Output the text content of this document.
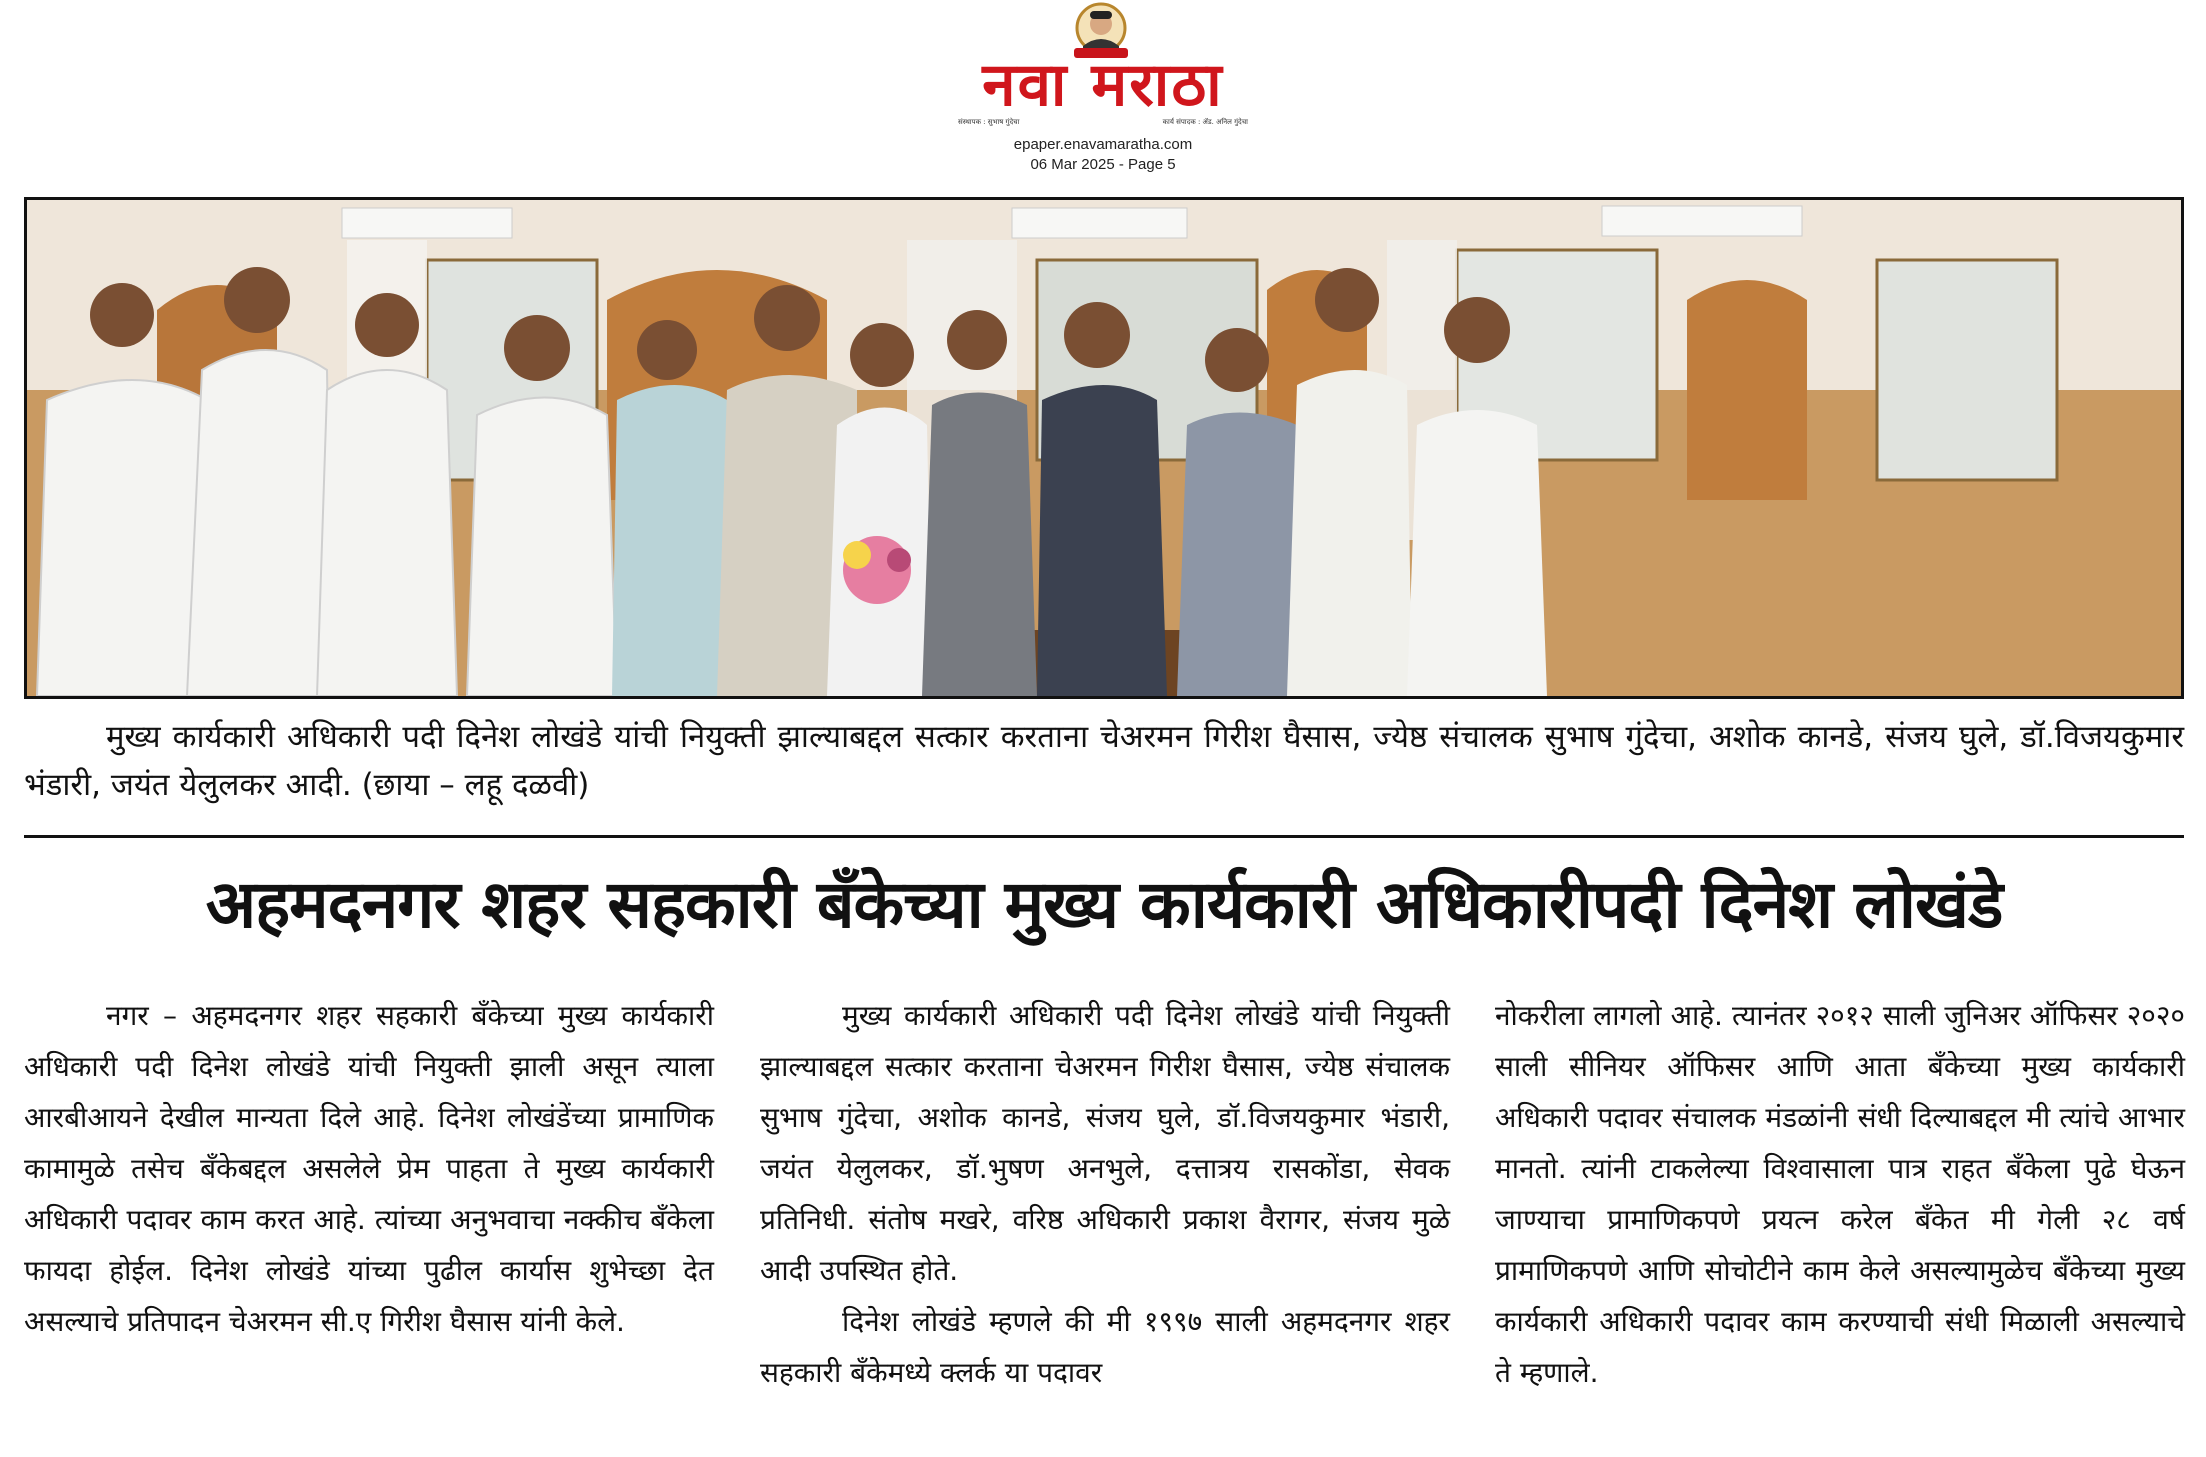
नवा मराठा
संस्थापक : सुभाष गुंदेचा	कार्य संपादक : ॲड. अनिल गुंदेचा
epaper.enavamaratha.com
06 Mar 2025 - Page 5
मुख्य कार्यकारी अधिकारी पदी दिनेश लोखंडे यांची नियुक्ती झाल्याबद्दल सत्कार करताना चेअरमन गिरीश घैसास, ज्येष्ठ संचालक सुभाष गुंदेचा, अशोक कानडे, संजय घुले, डॉ.विजयकुमार भंडारी, जयंत येलुलकर आदी. (छाया – लहू दळवी)
अहमदनगर शहर सहकारी बँकेच्या मुख्य कार्यकारी अधिकारीपदी दिनेश लोखंडे

नगर – अहमदनगर शहर सहकारी बँकेच्या मुख्य कार्यकारी अधिकारी पदी दिनेश लोखंडे यांची नियुक्ती झाली असून त्याला आरबीआयने देखील मान्यता दिले आहे. दिनेश लोखंडेंच्या प्रामाणिक कामामुळे तसेच बँकेबद्दल असलेले प्रेम पाहता ते मुख्य कार्यकारी अधिकारी पदावर काम करत आहे. त्यांच्या अनुभवाचा नक्कीच बँकेला फायदा होईल. दिनेश लोखंडे यांच्या पुढील कार्यास शुभेच्छा देत असल्याचे प्रतिपादन चेअरमन सी.ए गिरीश घैसास यांनी केले.

मुख्य कार्यकारी अधिकारी पदी दिनेश लोखंडे यांची नियुक्ती झाल्याबद्दल सत्कार करताना चेअरमन गिरीश घैसास, ज्येष्ठ संचालक सुभाष गुंदेचा, अशोक कानडे, संजय घुले, डॉ.विजयकुमार भंडारी, जयंत येलुलकर, डॉ.भुषण अनभुले, दत्तात्रय रासकोंडा, सेवक प्रतिनिधी. संतोष मखरे, वरिष्ठ अधिकारी प्रकाश वैरागर, संजय मुळे आदी उपस्थित होते.

दिनेश लोखंडे म्हणले की मी १९९७ साली अहमदनगर शहर सहकारी बँकेमध्ये क्लर्क या पदावर

नोकरीला लागलो आहे. त्यानंतर २०१२ साली जुनिअर ऑफिसर २०२० साली सीनियर ऑफिसर आणि आता बँकेच्या मुख्य कार्यकारी अधिकारी पदावर संचालक मंडळांनी संधी दिल्याबद्दल मी त्यांचे आभार मानतो. त्यांनी टाकलेल्या विश्वासाला पात्र राहत बँकेला पुढे घेऊन जाण्याचा प्रामाणिकपणे प्रयत्न करेल बँकेत मी गेली २८ वर्ष प्रामाणिकपणे आणि सोचोटीने काम केले असल्यामुळेच बँकेच्या मुख्य कार्यकारी अधिकारी पदावर काम करण्याची संधी मिळाली असल्याचे ते म्हणाले.
